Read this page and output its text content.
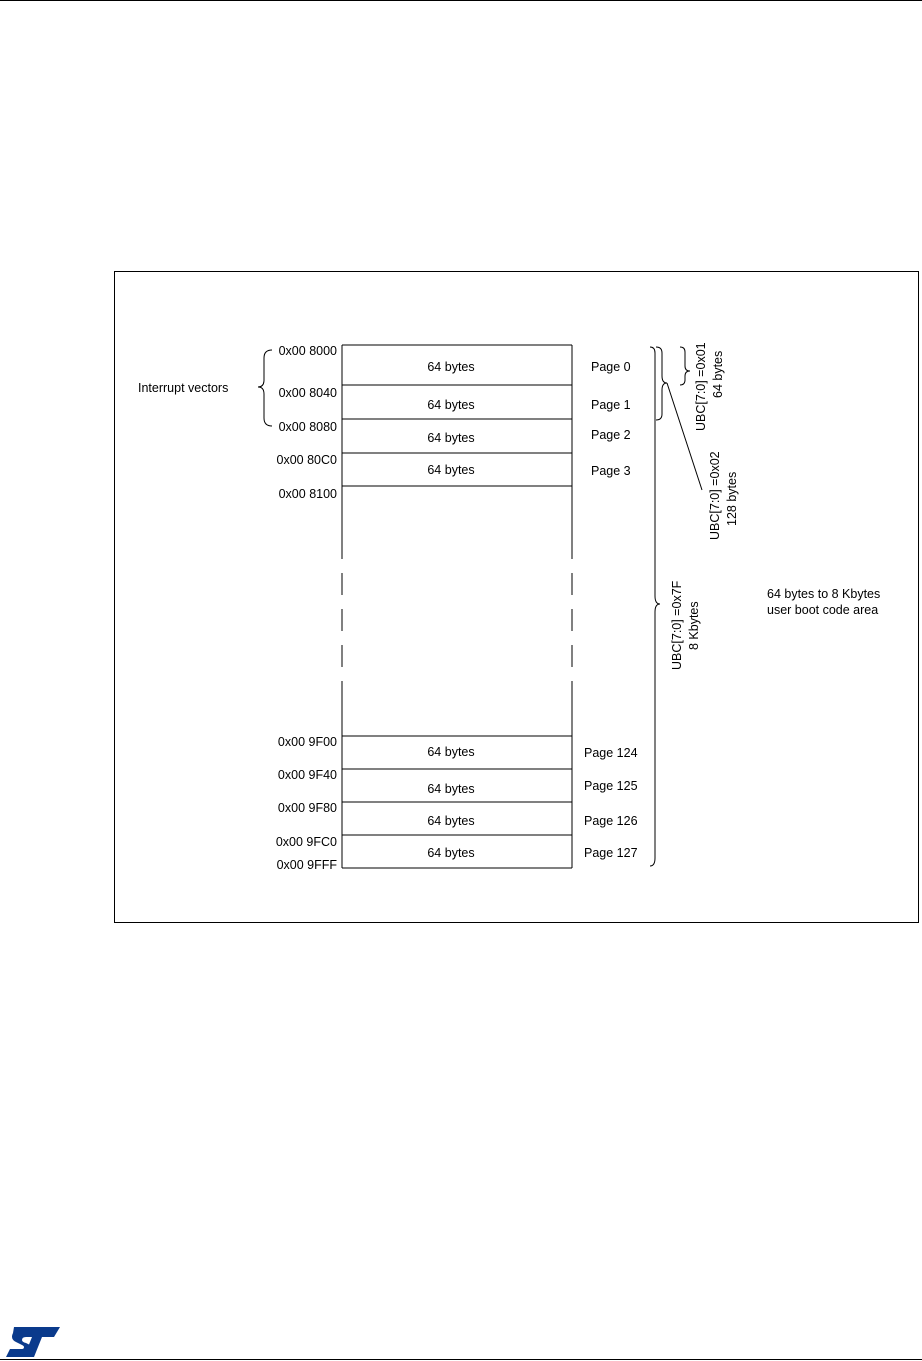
64 bytes
64 bytes
64 bytes
64 bytes
64 bytes
64 bytes
64 bytes
64 bytes
Page 0
Page 1
Page 2
Page 3
Page 124
Page 125
Page 126
Page 127
0x00 8000
0x00 8040
0x00 8080
0x00 80C0
0x00 8100
0x00 9F00
0x00 9F40
0x00 9F80
0x00 9FC0
0x00 9FFF
Interrupt vectors	UBC[7:0] =0x01 64 bytes
UBC[7:0] =0x02 128 bytes
UBC[7:0] =0x7F 8 Kbytes
64 bytes to 8 Kbytes
user boot code area
